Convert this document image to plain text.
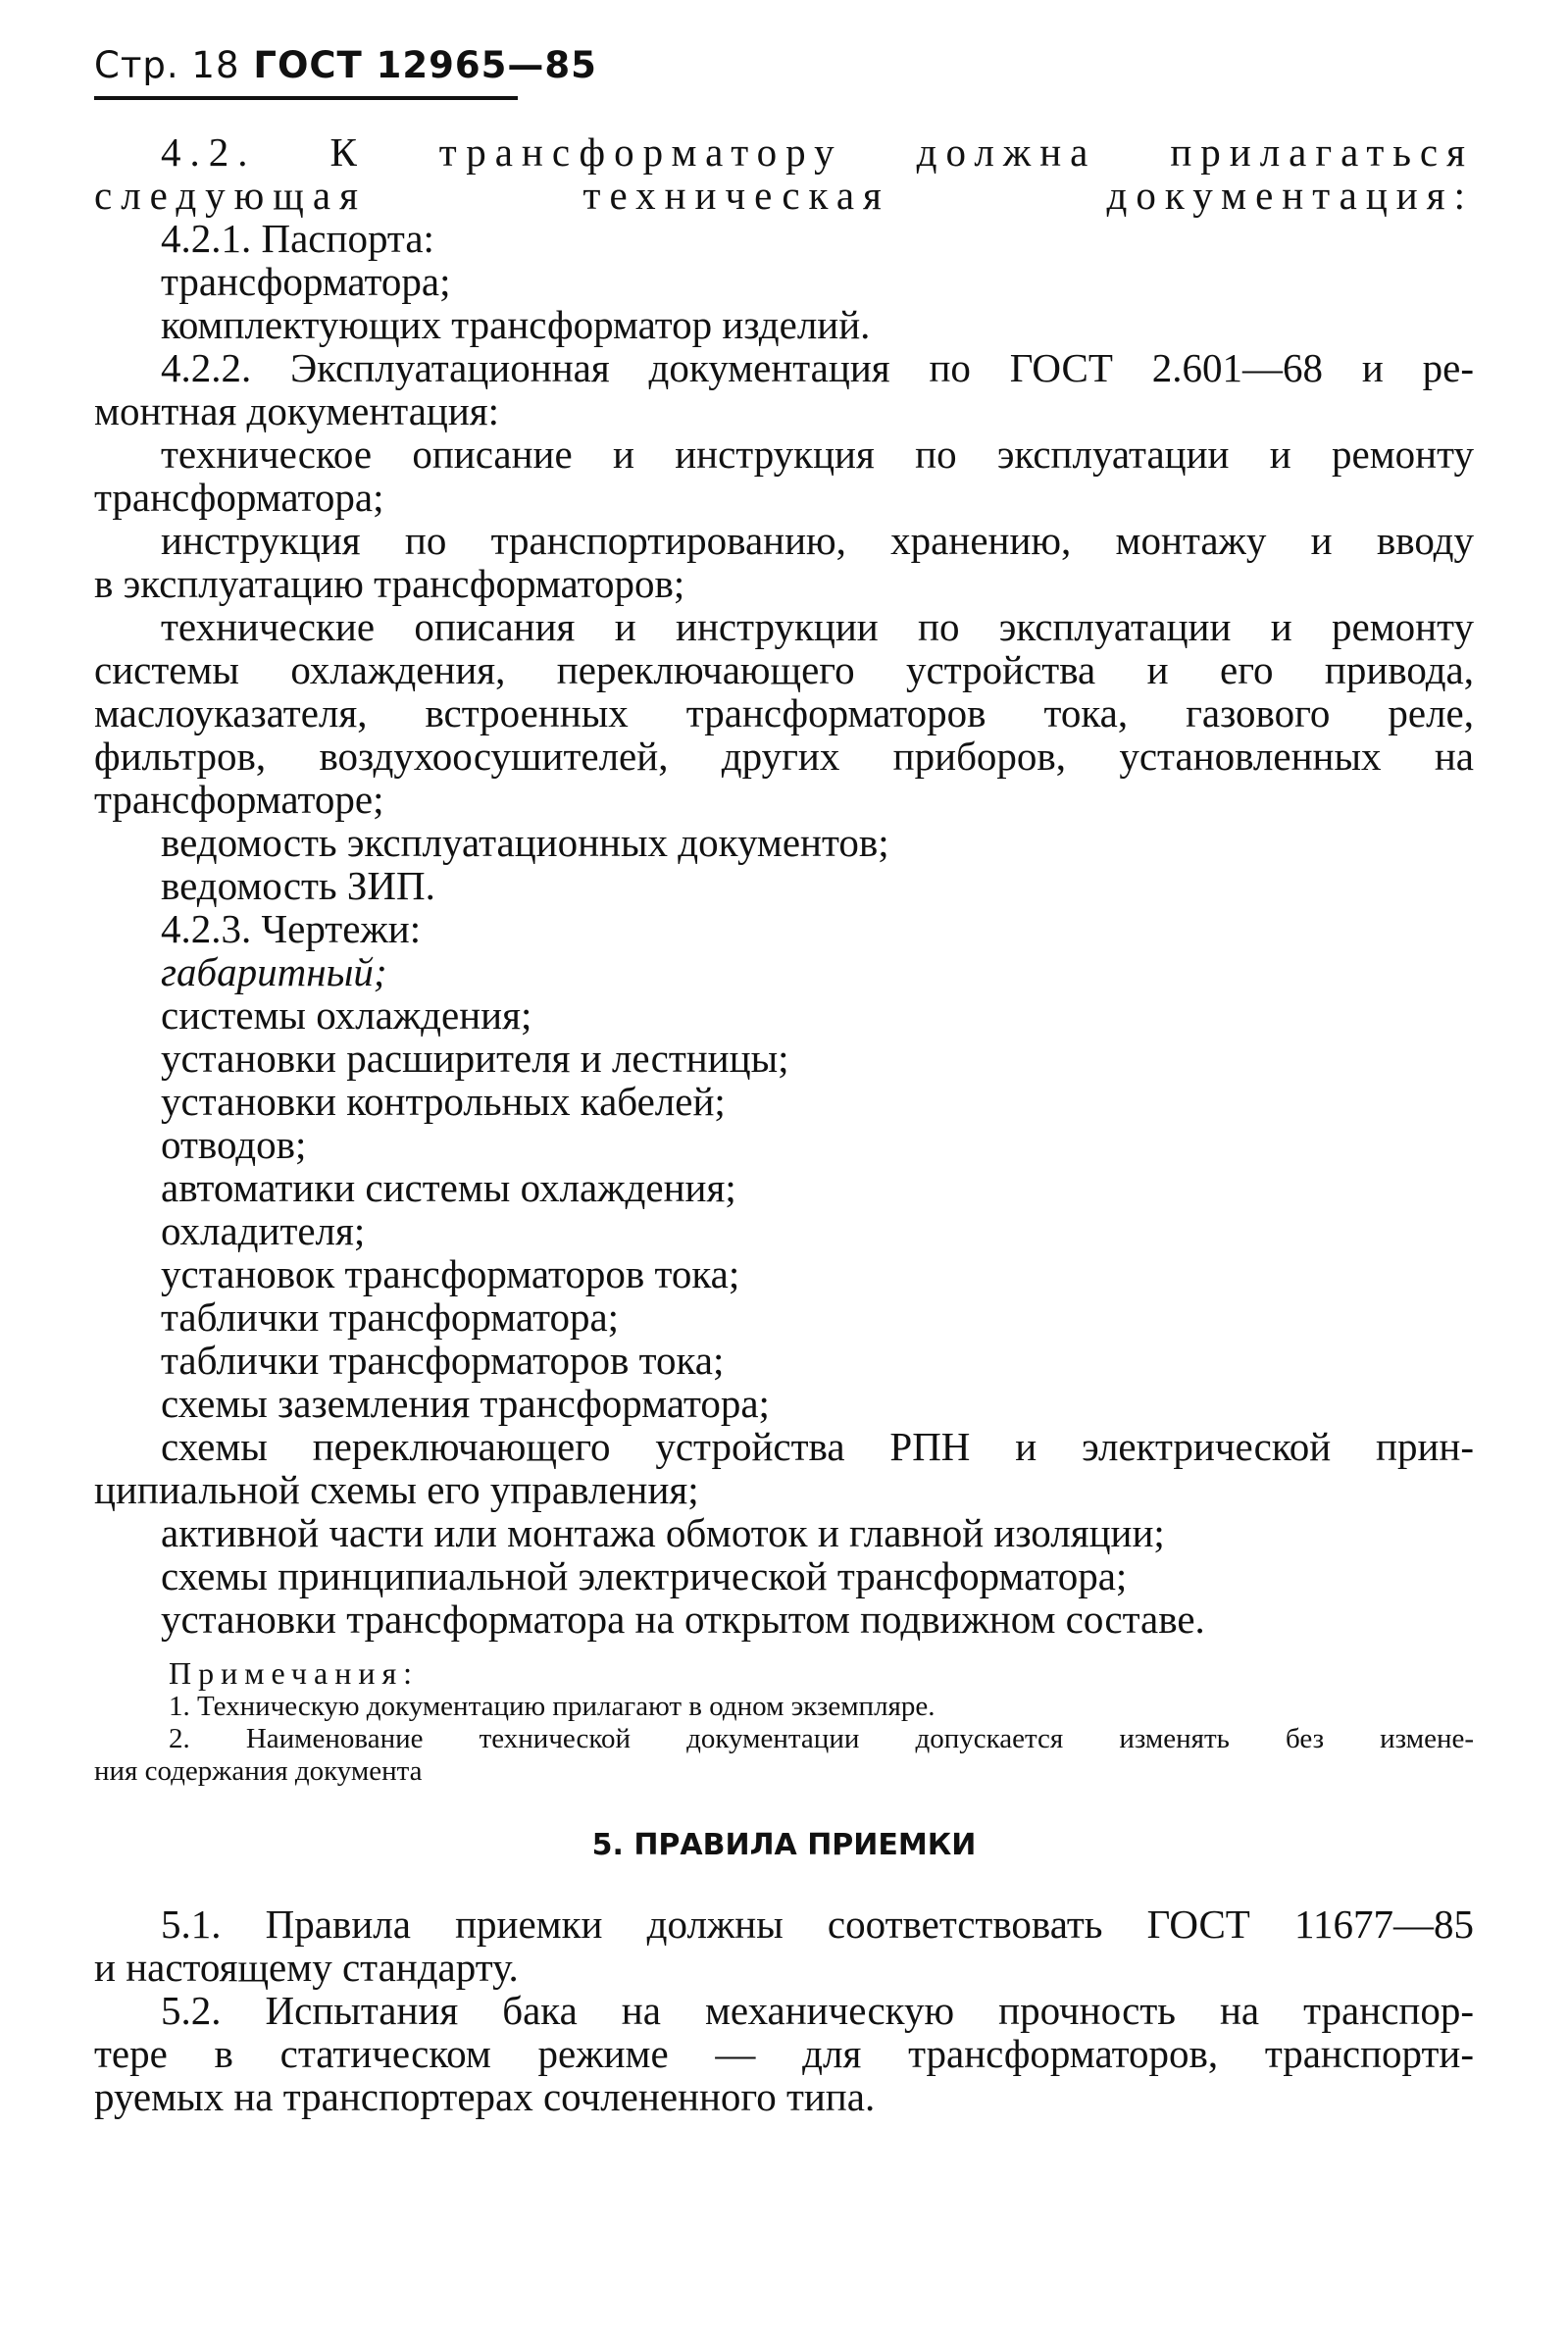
Стр. 18 ГОСТ 12965—85
4.2. К трансформатору должна прилагаться
следующая техническая документация:
4.2.1. Паспорта:
трансформатора;
комплектующих трансформатор изделий.
4.2.2. Эксплуатационная документация по ГОСТ 2.601—68 и ре-
монтная документация:
техническое описание и инструкция по эксплуатации и ремонту
трансформатора;
инструкция по транспортированию, хранению, монтажу и вводу
в эксплуатацию трансформаторов;
технические описания и инструкции по эксплуатации и ремонту
системы охлаждения, переключающего устройства и его привода,
маслоуказателя, встроенных трансформаторов тока, газового реле,
фильтров, воздухоосушителей, других приборов, установленных на
трансформаторе;
ведомость эксплуатационных документов;
ведомость ЗИП.
4.2.3. Чертежи:
габаритный;
системы охлаждения;
установки расширителя и лестницы;
установки контрольных кабелей;
отводов;
автоматики системы охлаждения;
охладителя;
установок трансформаторов тока;
таблички трансформатора;
таблички трансформаторов тока;
схемы заземления трансформатора;
схемы переключающего устройства РПН и электрической прин-
ципиальной схемы его управления;
активной части или монтажа обмоток и главной изоляции;
схемы принципиальной электрической трансформатора;
установки трансформатора на открытом подвижном составе.
Примечания:
1. Техническую документацию прилагают в одном экземпляре.
2. Наименование технической документации допускается изменять без измене-
ния содержания документа
5. ПРАВИЛА ПРИЕМКИ
5.1. Правила приемки должны соответствовать ГОСТ 11677—85
и настоящему стандарту.
5.2. Испытания бака на механическую прочность на транспор-
тере в статическом режиме — для трансформаторов, транспорти-
руемых на транспортерах сочлененного типа.
